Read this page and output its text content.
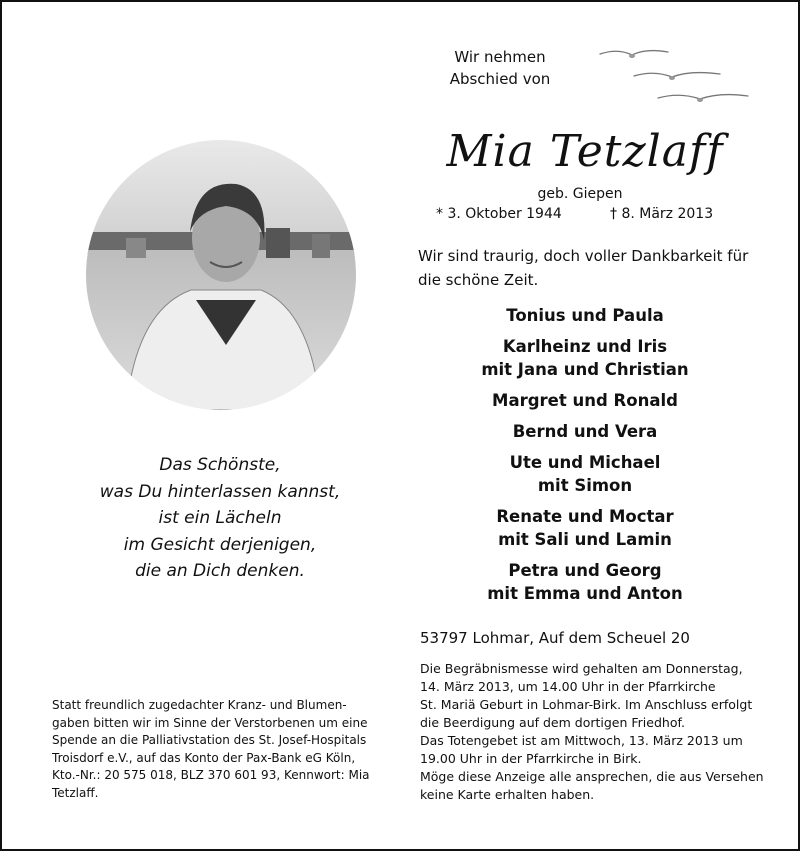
Wir nehmen
Abschied von
Mia Tetzlaff
geb. Giepen
* 3. Oktober 1944	† 8. März 2013
Wir sind traurig, doch voller Dankbarkeit für
die schöne Zeit.
Tonius und Paula
Karlheinz und Iris
mit Jana und Christian
Margret und Ronald
Bernd und Vera
Ute und Michael
mit Simon
Renate und Moctar
mit Sali und Lamin
Petra und Georg
mit Emma und Anton
53797 Lohmar, Auf dem Scheuel 20
Die Begräbnismesse wird gehalten am Donnerstag,
14. März 2013, um 14.00 Uhr in der Pfarrkirche
St. Mariä Geburt in Lohmar-Birk. Im Anschluss erfolgt
die Beerdigung auf dem dortigen Friedhof.
Das Totengebet ist am Mittwoch, 13. März 2013 um
19.00 Uhr in der Pfarrkirche in Birk.
Möge diese Anzeige alle ansprechen, die aus Versehen
keine Karte erhalten haben.
Das Schönste,
was Du hinterlassen kannst,
ist ein Lächeln
im Gesicht derjenigen,
die an Dich denken.
Statt freundlich zugedachter Kranz- und Blumen-
gaben bitten wir im Sinne der Verstorbenen um eine
Spende an die Palliativstation des St. Josef-Hospitals
Troisdorf e.V., auf das Konto der Pax-Bank eG Köln,
Kto.-Nr.: 20 575 018, BLZ 370 601 93, Kennwort: Mia
Tetzlaff.
